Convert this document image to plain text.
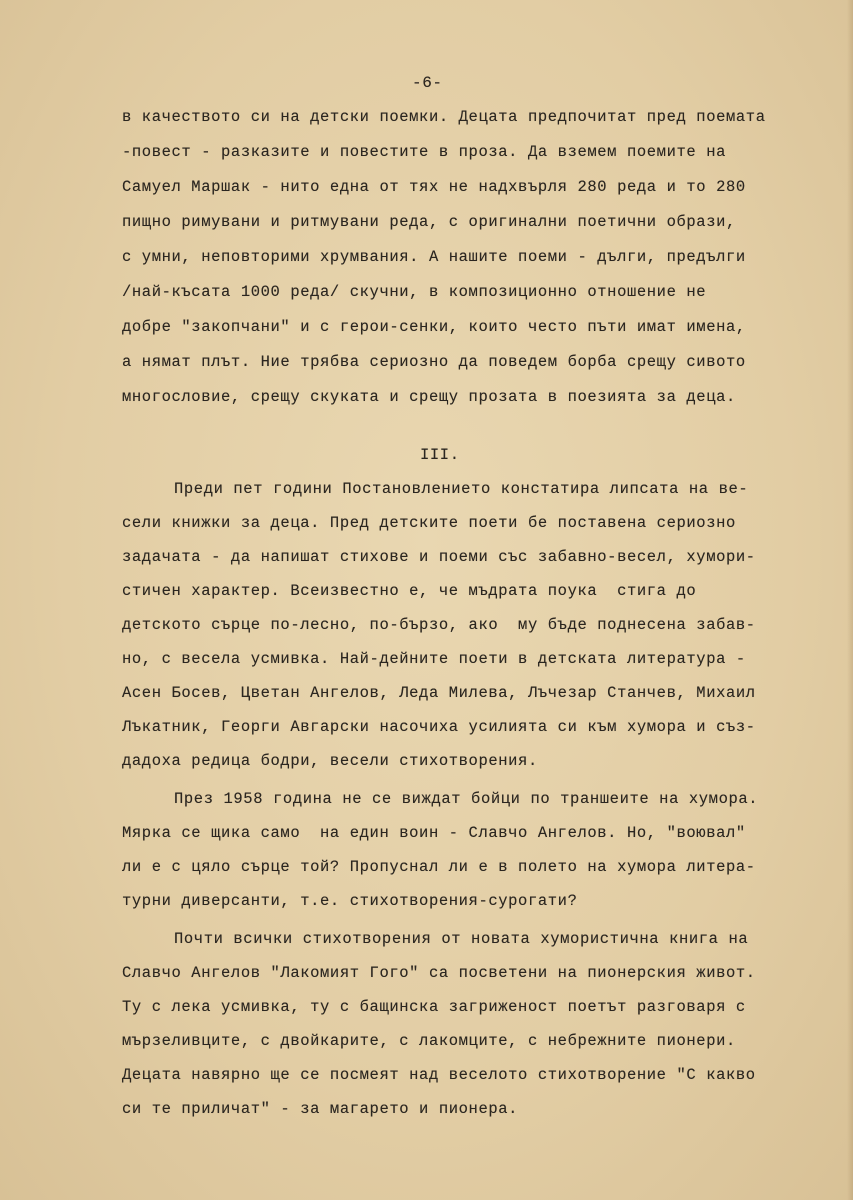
-6-
в качеството си на детски поемки. Децата предпочитат пред поемата
-повест - разказите и повестите в проза. Да вземем поемите на
Самуел Маршак - нито една от тях не надхвърля 280 реда и то 280
пищно римувани и ритмувани реда, с оригинални поетични образи,
с умни, неповторими хрумвания. А нашите поеми - дълги, предълги
/най-късата 1000 реда/ скучни, в композиционно отношение не
добре "закопчани" и с герои-сенки, които често пъти имат имена,
а нямат плът. Ние трябва сериозно да поведем борба срещу сивото
многословие, срещу скуката и срещу прозата в поезията за деца.
III.
Преди пет години Постановлението констатира липсата на ве-
сели книжки за деца. Пред детските поети бе поставена сериозно
задачата - да напишат стихове и поеми със забавно-весел, хумори-
стичен характер. Всеизвестно е, че мъдрата поука  стига до
детското сърце по-лесно, по-бързо, ако  му бъде поднесена забав-
но, с весела усмивка. Най-дейните поети в детската литература -
Асен Босев, Цветан Ангелов, Леда Милева, Лъчезар Станчев, Михаил
Лъкатник, Георги Авгарски насочиха усилията си към хумора и съз-
дадоха редица бодри, весели стихотворения.
През 1958 година не се виждат бойци по траншеите на хумора.
Мярка се щика само  на един воин - Славчо Ангелов. Но, "воювал"
ли е с цяло сърце той? Пропуснал ли е в полето на хумора литера-
турни диверсанти, т.е. стихотворения-сурогати?
Почти всички стихотворения от новата хумористична книга на
Славчо Ангелов "Лакомият Гого" са посветени на пионерския живот.
Ту с лека усмивка, ту с бащинска загриженост поетът разговаря с
мързеливците, с двойкарите, с лакомците, с небрежните пионери.
Децата навярно ще се посмеят над веселото стихотворение "С какво
си те приличат" - за магарето и пионера.
